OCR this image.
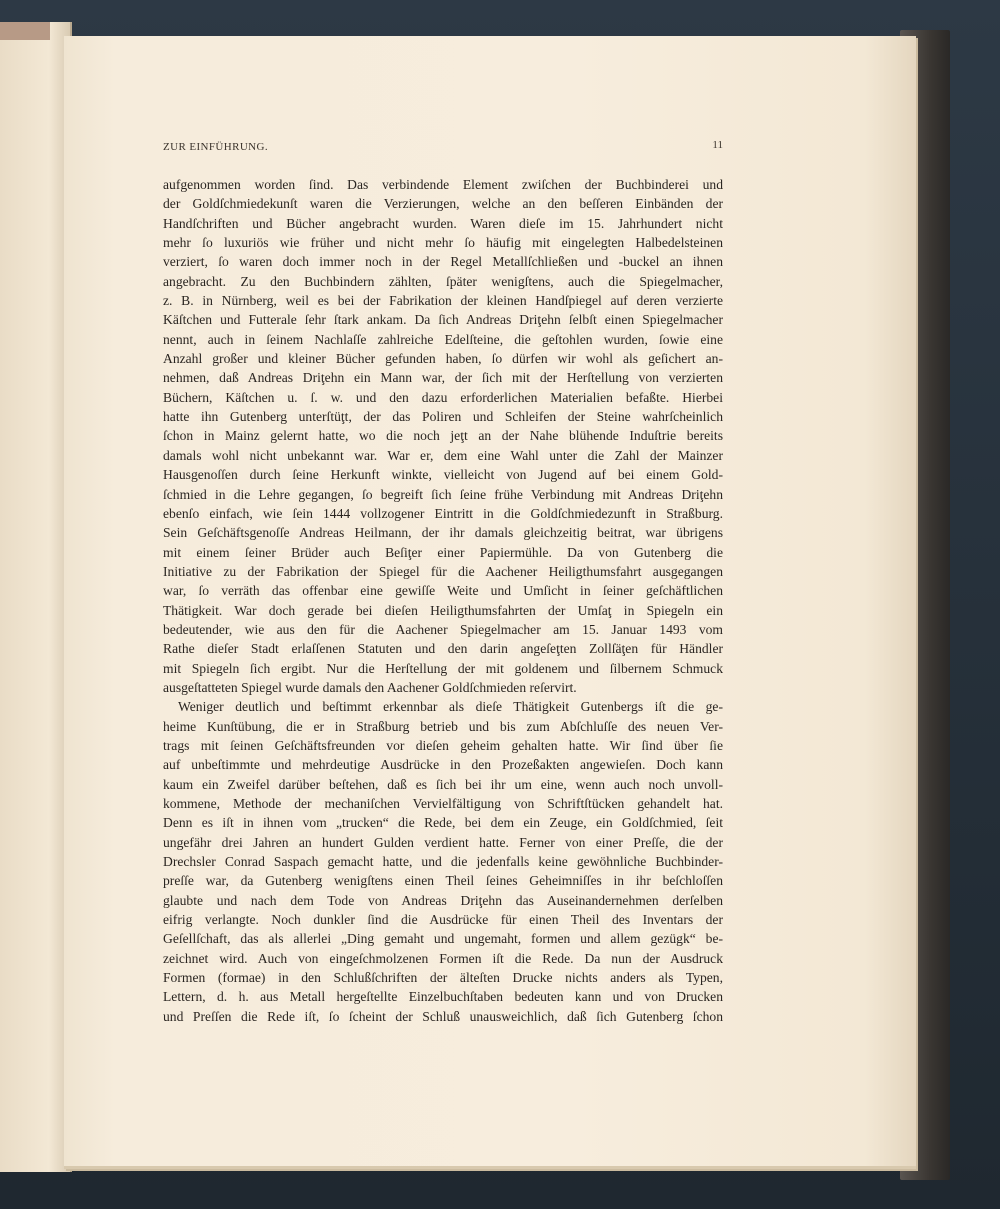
ZUR EINFÜHRUNG.	11
aufgenommen worden ſind. Das verbindende Element zwiſchen der Buchbinderei und
der Goldſchmiedekunſt waren die Verzierungen, welche an den beſſeren Einbänden der
Handſchriften und Bücher angebracht wurden. Waren dieſe im 15. Jahrhundert nicht
mehr ſo luxuriös wie früher und nicht mehr ſo häufig mit eingelegten Halbedelsteinen
verziert, ſo waren doch immer noch in der Regel Metallſchließen und -buckel an ihnen
angebracht. Zu den Buchbindern zählten, ſpäter wenigſtens, auch die Spiegelmacher,
z. B. in Nürnberg, weil es bei der Fabrikation der kleinen Handſpiegel auf deren verzierte
Käſtchen und Futterale ſehr ſtark ankam. Da ſich Andreas Driţehn ſelbſt einen Spiegelmacher
nennt, auch in ſeinem Nachlaſſe zahlreiche Edelſteine, die geſtohlen wurden, ſowie eine
Anzahl großer und kleiner Bücher gefunden haben, ſo dürfen wir wohl als geſichert an-
nehmen, daß Andreas Driţehn ein Mann war, der ſich mit der Herſtellung von verzierten
Büchern, Käſtchen u. ſ. w. und den dazu erforderlichen Materialien befaßte. Hierbei
hatte ihn Gutenberg unterſtüţt, der das Poliren und Schleifen der Steine wahrſcheinlich
ſchon in Mainz gelernt hatte, wo die noch jeţt an der Nahe blühende Induſtrie bereits
damals wohl nicht unbekannt war. War er, dem eine Wahl unter die Zahl der Mainzer
Hausgenoſſen durch ſeine Herkunft winkte, vielleicht von Jugend auf bei einem Gold-
ſchmied in die Lehre gegangen, ſo begreift ſich ſeine frühe Verbindung mit Andreas Driţehn
ebenſo einfach, wie ſein 1444 vollzogener Eintritt in die Goldſchmiedezunft in Straßburg.
Sein Geſchäftsgenoſſe Andreas Heilmann, der ihr damals gleichzeitig beitrat, war übrigens
mit einem ſeiner Brüder auch Beſiţer einer Papiermühle. Da von Gutenberg die
Initiative zu der Fabrikation der Spiegel für die Aachener Heiligthumsfahrt ausgegangen
war, ſo verräth das offenbar eine gewiſſe Weite und Umſicht in ſeiner geſchäftlichen
Thätigkeit. War doch gerade bei dieſen Heiligthumsfahrten der Umſaţ in Spiegeln ein
bedeutender, wie aus den für die Aachener Spiegelmacher am 15. Januar 1493 vom
Rathe dieſer Stadt erlaſſenen Statuten und den darin angeſeţten Zollſäţen für Händler
mit Spiegeln ſich ergibt. Nur die Herſtellung der mit goldenem und ſilbernem Schmuck
ausgeſtatteten Spiegel wurde damals den Aachener Goldſchmieden reſervirt.
Weniger deutlich und beſtimmt erkennbar als dieſe Thätigkeit Gutenbergs iſt die ge-
heime Kunſtübung, die er in Straßburg betrieb und bis zum Abſchluſſe des neuen Ver-
trags mit ſeinen Geſchäftsfreunden vor dieſen geheim gehalten hatte. Wir ſind über ſie
auf unbeſtimmte und mehrdeutige Ausdrücke in den Prozeßakten angewieſen. Doch kann
kaum ein Zweifel darüber beſtehen, daß es ſich bei ihr um eine, wenn auch noch unvoll-
kommene, Methode der mechaniſchen Vervielfältigung von Schriftſtücken gehandelt hat.
Denn es iſt in ihnen vom „trucken“ die Rede, bei dem ein Zeuge, ein Goldſchmied, ſeit
ungefähr drei Jahren an hundert Gulden verdient hatte. Ferner von einer Preſſe, die der
Drechsler Conrad Saspach gemacht hatte, und die jedenfalls keine gewöhnliche Buchbinder-
preſſe war, da Gutenberg wenigſtens einen Theil ſeines Geheimniſſes in ihr beſchloſſen
glaubte und nach dem Tode von Andreas Driţehn das Auseinandernehmen derſelben
eifrig verlangte. Noch dunkler ſind die Ausdrücke für einen Theil des Inventars der
Geſellſchaft, das als allerlei „Ding gemaht und ungemaht, formen und allem gezügk“ be-
zeichnet wird. Auch von eingeſchmolzenen Formen iſt die Rede. Da nun der Ausdruck
Formen (formae) in den Schlußſchriften der älteſten Drucke nichts anders als Typen,
Lettern, d. h. aus Metall hergeſtellte Einzelbuchſtaben bedeuten kann und von Drucken
und Preſſen die Rede iſt, ſo ſcheint der Schluß unausweichlich, daß ſich Gutenberg ſchon
